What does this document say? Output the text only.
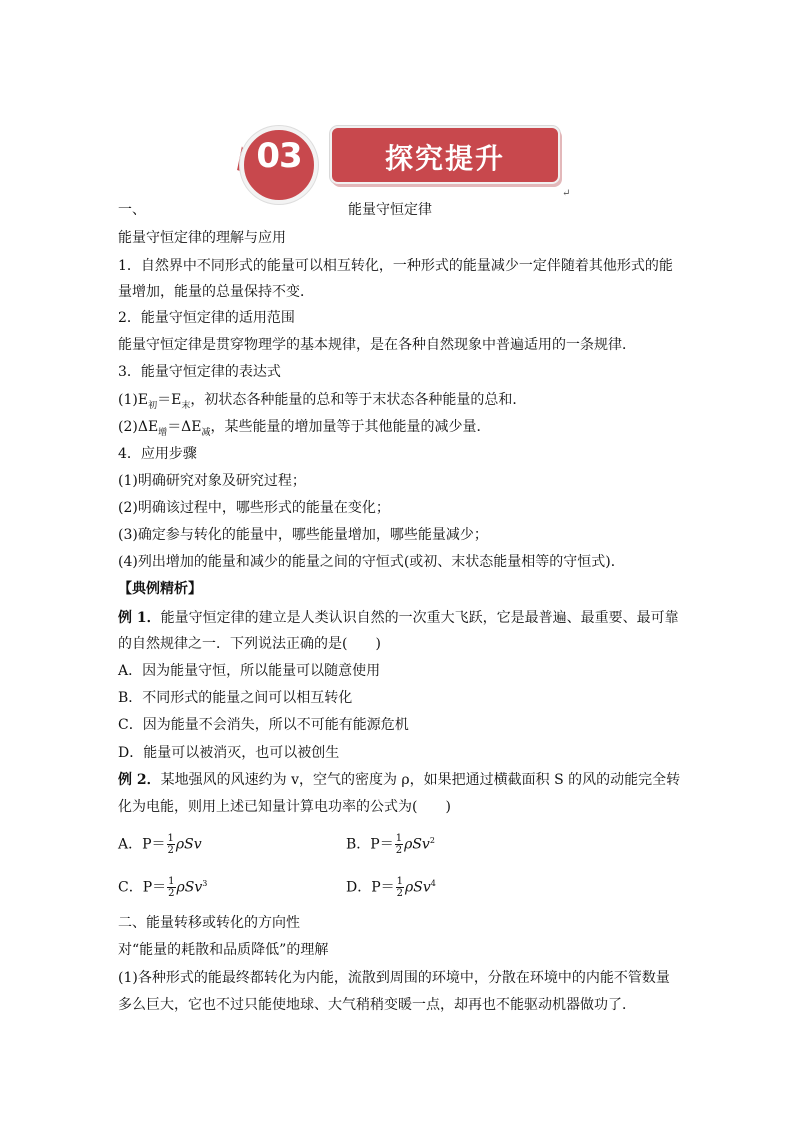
03	探究提升
↵
一、	能量守恒定律
能量守恒定律的理解与应用
1．自然界中不同形式的能量可以相互转化，一种形式的能量减少一定伴随着其他形式的能
量增加，能量的总量保持不变．
2．能量守恒定律的适用范围
能量守恒定律是贯穿物理学的基本规律，是在各种自然现象中普遍适用的一条规律．
3．能量守恒定律的表达式
$(1)E_初=E_末$，初状态各种能量的总和等于末状态各种能量的总和．
$(2)\Delta E_增=\Delta E_减$，某些能量的增加量等于其他能量的减少量．
4．应用步骤
(1)明确研究对象及研究过程；
(2)明确该过程中，哪些形式的能量在变化；
(3)确定参与转化的能量中，哪些能量增加，哪些能量减少；
(4)列出增加的能量和减少的能量之间的守恒式(或初、末状态能量相等的守恒式)．
【典例精析】
例 1．能量守恒定律的建立是人类认识自然的一次重大飞跃，它是最普遍、最重要、最可靠
的自然规律之一．下列说法正确的是(　　)
A．因为能量守恒，所以能量可以随意使用
B．不同形式的能量之间可以相互转化
C．因为能量不会消失，所以不可能有能源危机
D．能量可以被消灭，也可以被创生
例 2．某地强风的风速约为 v，空气的密度为 ρ，如果把通过横截面积 S 的风的动能完全转
化为电能，则用上述已知量计算电功率的公式为(　　)
A．$P= \frac{1}{2}$ ρSv	B．$P= \frac{1}{2} \rho Sv^2$
C．$P= \frac{1}{2} \rho Sv^3$	D．$P= \frac{1}{2} \rho Sv^4$
二、能量转移或转化的方向性
对“能量的耗散和品质降低”的理解
(1)各种形式的能最终都转化为内能，流散到周围的环境中，分散在环境中的内能不管数量
多么巨大，它也不过只能使地球、大气稍稍变暖一点，却再也不能驱动机器做功了．
